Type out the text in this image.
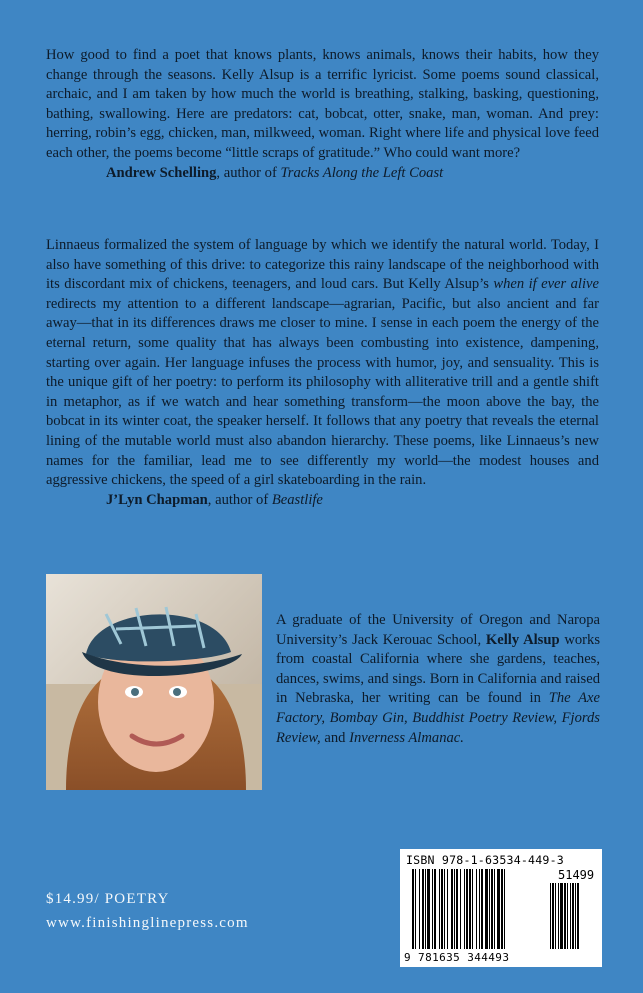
How good to find a poet that knows plants, knows animals, knows their habits, how they change through the seasons. Kelly Alsup is a terrific lyricist. Some poems sound classical, archaic, and I am taken by how much the world is breathing, stalking, basking, questioning, bathing, swallowing. Here are predators: cat, bobcat, otter, snake, man, woman. And prey: herring, robin’s egg, chicken, man, milkweed, woman. Right where life and physical love feed each other, the poems become “little scraps of gratitude.” Who could want more?
Andrew Schelling, author of Tracks Along the Left Coast
Linnaeus formalized the system of language by which we identify the natural world. Today, I also have something of this drive: to categorize this rainy landscape of the neighborhood with its discordant mix of chickens, teenagers, and loud cars. But Kelly Alsup’s when if ever alive redirects my attention to a different landscape—agrarian, Pacific, but also ancient and far away—that in its differences draws me closer to mine. I sense in each poem the energy of the eternal return, some quality that has always been combusting into existence, dampening, starting over again. Her language infuses the process with humor, joy, and sensuality. This is the unique gift of her poetry: to perform its philosophy with alliterative trill and a gentle shift in metaphor, as if we watch and hear something transform—the moon above the bay, the bobcat in its winter coat, the speaker herself. It follows that any poetry that reveals the eternal lining of the mutable world must also abandon hierarchy. These poems, like Linnaeus’s new names for the familiar, lead me to see differently my world—the modest houses and aggressive chickens, the speed of a girl skateboarding in the rain.
J’Lyn Chapman, author of Beastlife
A graduate of the University of Oregon and Naropa University’s Jack Kerouac School, Kelly Alsup works from coastal California where she gardens, teaches, dances, swims, and sings. Born in California and raised in Nebraska, her writing can be found in The Axe Factory, Bombay Gin, Buddhist Poetry Review, Fjords Review, and Inverness Almanac.
$14.99/ POETRY
www.finishinglinepress.com
ISBN 978-1-63534-449-3
51499
9 781635 344493
